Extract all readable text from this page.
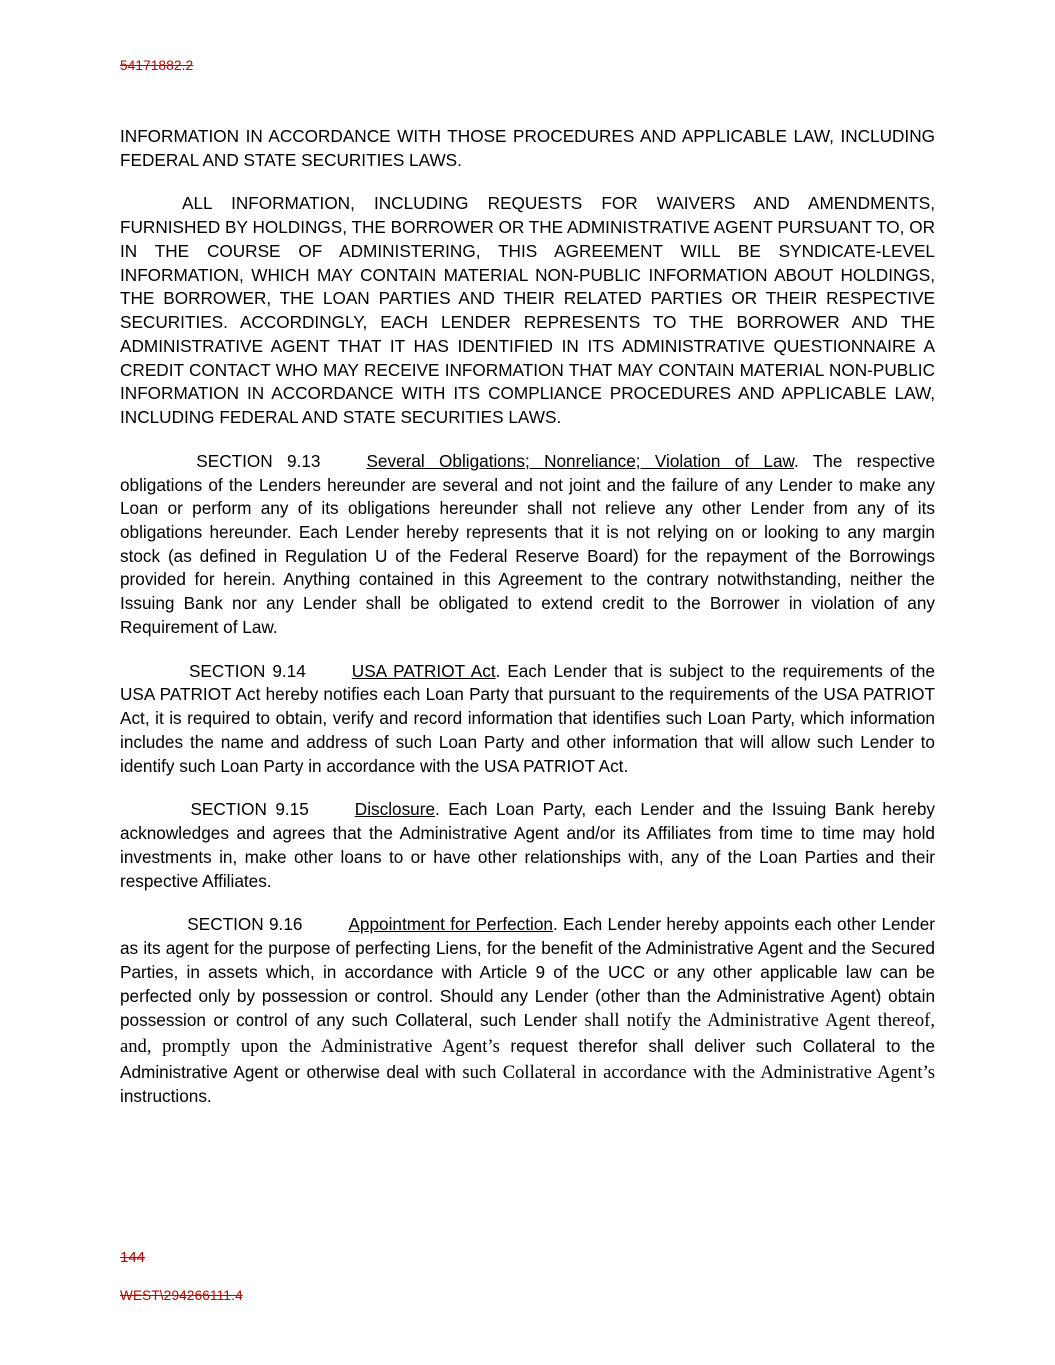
54171882.2

INFORMATION IN ACCORDANCE WITH THOSE PROCEDURES AND APPLICABLE LAW, INCLUDING FEDERAL AND STATE SECURITIES LAWS.

ALL INFORMATION, INCLUDING REQUESTS FOR WAIVERS AND AMENDMENTS, FURNISHED BY HOLDINGS, THE BORROWER OR THE ADMINISTRATIVE AGENT PURSUANT TO, OR IN THE COURSE OF ADMINISTERING, THIS AGREEMENT WILL BE SYNDICATE-LEVEL INFORMATION, WHICH MAY CONTAIN MATERIAL NON-PUBLIC INFORMATION ABOUT HOLDINGS, THE BORROWER, THE LOAN PARTIES AND THEIR RELATED PARTIES OR THEIR RESPECTIVE SECURITIES. ACCORDINGLY, EACH LENDER REPRESENTS TO THE BORROWER AND THE ADMINISTRATIVE AGENT THAT IT HAS IDENTIFIED IN ITS ADMINISTRATIVE QUESTIONNAIRE A CREDIT CONTACT WHO MAY RECEIVE INFORMATION THAT MAY CONTAIN MATERIAL NON-PUBLIC INFORMATION IN ACCORDANCE WITH ITS COMPLIANCE PROCEDURES AND APPLICABLE LAW, INCLUDING FEDERAL AND STATE SECURITIES LAWS.

SECTION 9.13	Several Obligations; Nonreliance; Violation of Law. The respective obligations of the Lenders hereunder are several and not joint and the failure of any Lender to make any Loan or perform any of its obligations hereunder shall not relieve any other Lender from any of its obligations hereunder. Each Lender hereby represents that it is not relying on or looking to any margin stock (as defined in Regulation U of the Federal Reserve Board) for the repayment of the Borrowings provided for herein. Anything contained in this Agreement to the contrary notwithstanding, neither the Issuing Bank nor any Lender shall be obligated to extend credit to the Borrower in violation of any Requirement of Law.

SECTION 9.14	USA PATRIOT Act. Each Lender that is subject to the requirements of the USA PATRIOT Act hereby notifies each Loan Party that pursuant to the requirements of the USA PATRIOT Act, it is required to obtain, verify and record information that identifies such Loan Party, which information includes the name and address of such Loan Party and other information that will allow such Lender to identify such Loan Party in accordance with the USA PATRIOT Act.

SECTION 9.15	Disclosure. Each Loan Party, each Lender and the Issuing Bank hereby acknowledges and agrees that the Administrative Agent and/or its Affiliates from time to time may hold investments in, make other loans to or have other relationships with, any of the Loan Parties and their respective Affiliates.

SECTION 9.16	Appointment for Perfection. Each Lender hereby appoints each other Lender as its agent for the purpose of perfecting Liens, for the benefit of the Administrative Agent and the Secured Parties, in assets which, in accordance with Article 9 of the UCC or any other applicable law can be perfected only by possession or control. Should any Lender (other than the Administrative Agent) obtain possession or control of any such Collateral, such Lender shall notify the Administrative Agent thereof, and, promptly upon the Administrative Agent’s request therefor shall deliver such Collateral to the Administrative Agent or otherwise deal with such Collateral in accordance with the Administrative Agent’s instructions.

144

WEST\294266111.4
